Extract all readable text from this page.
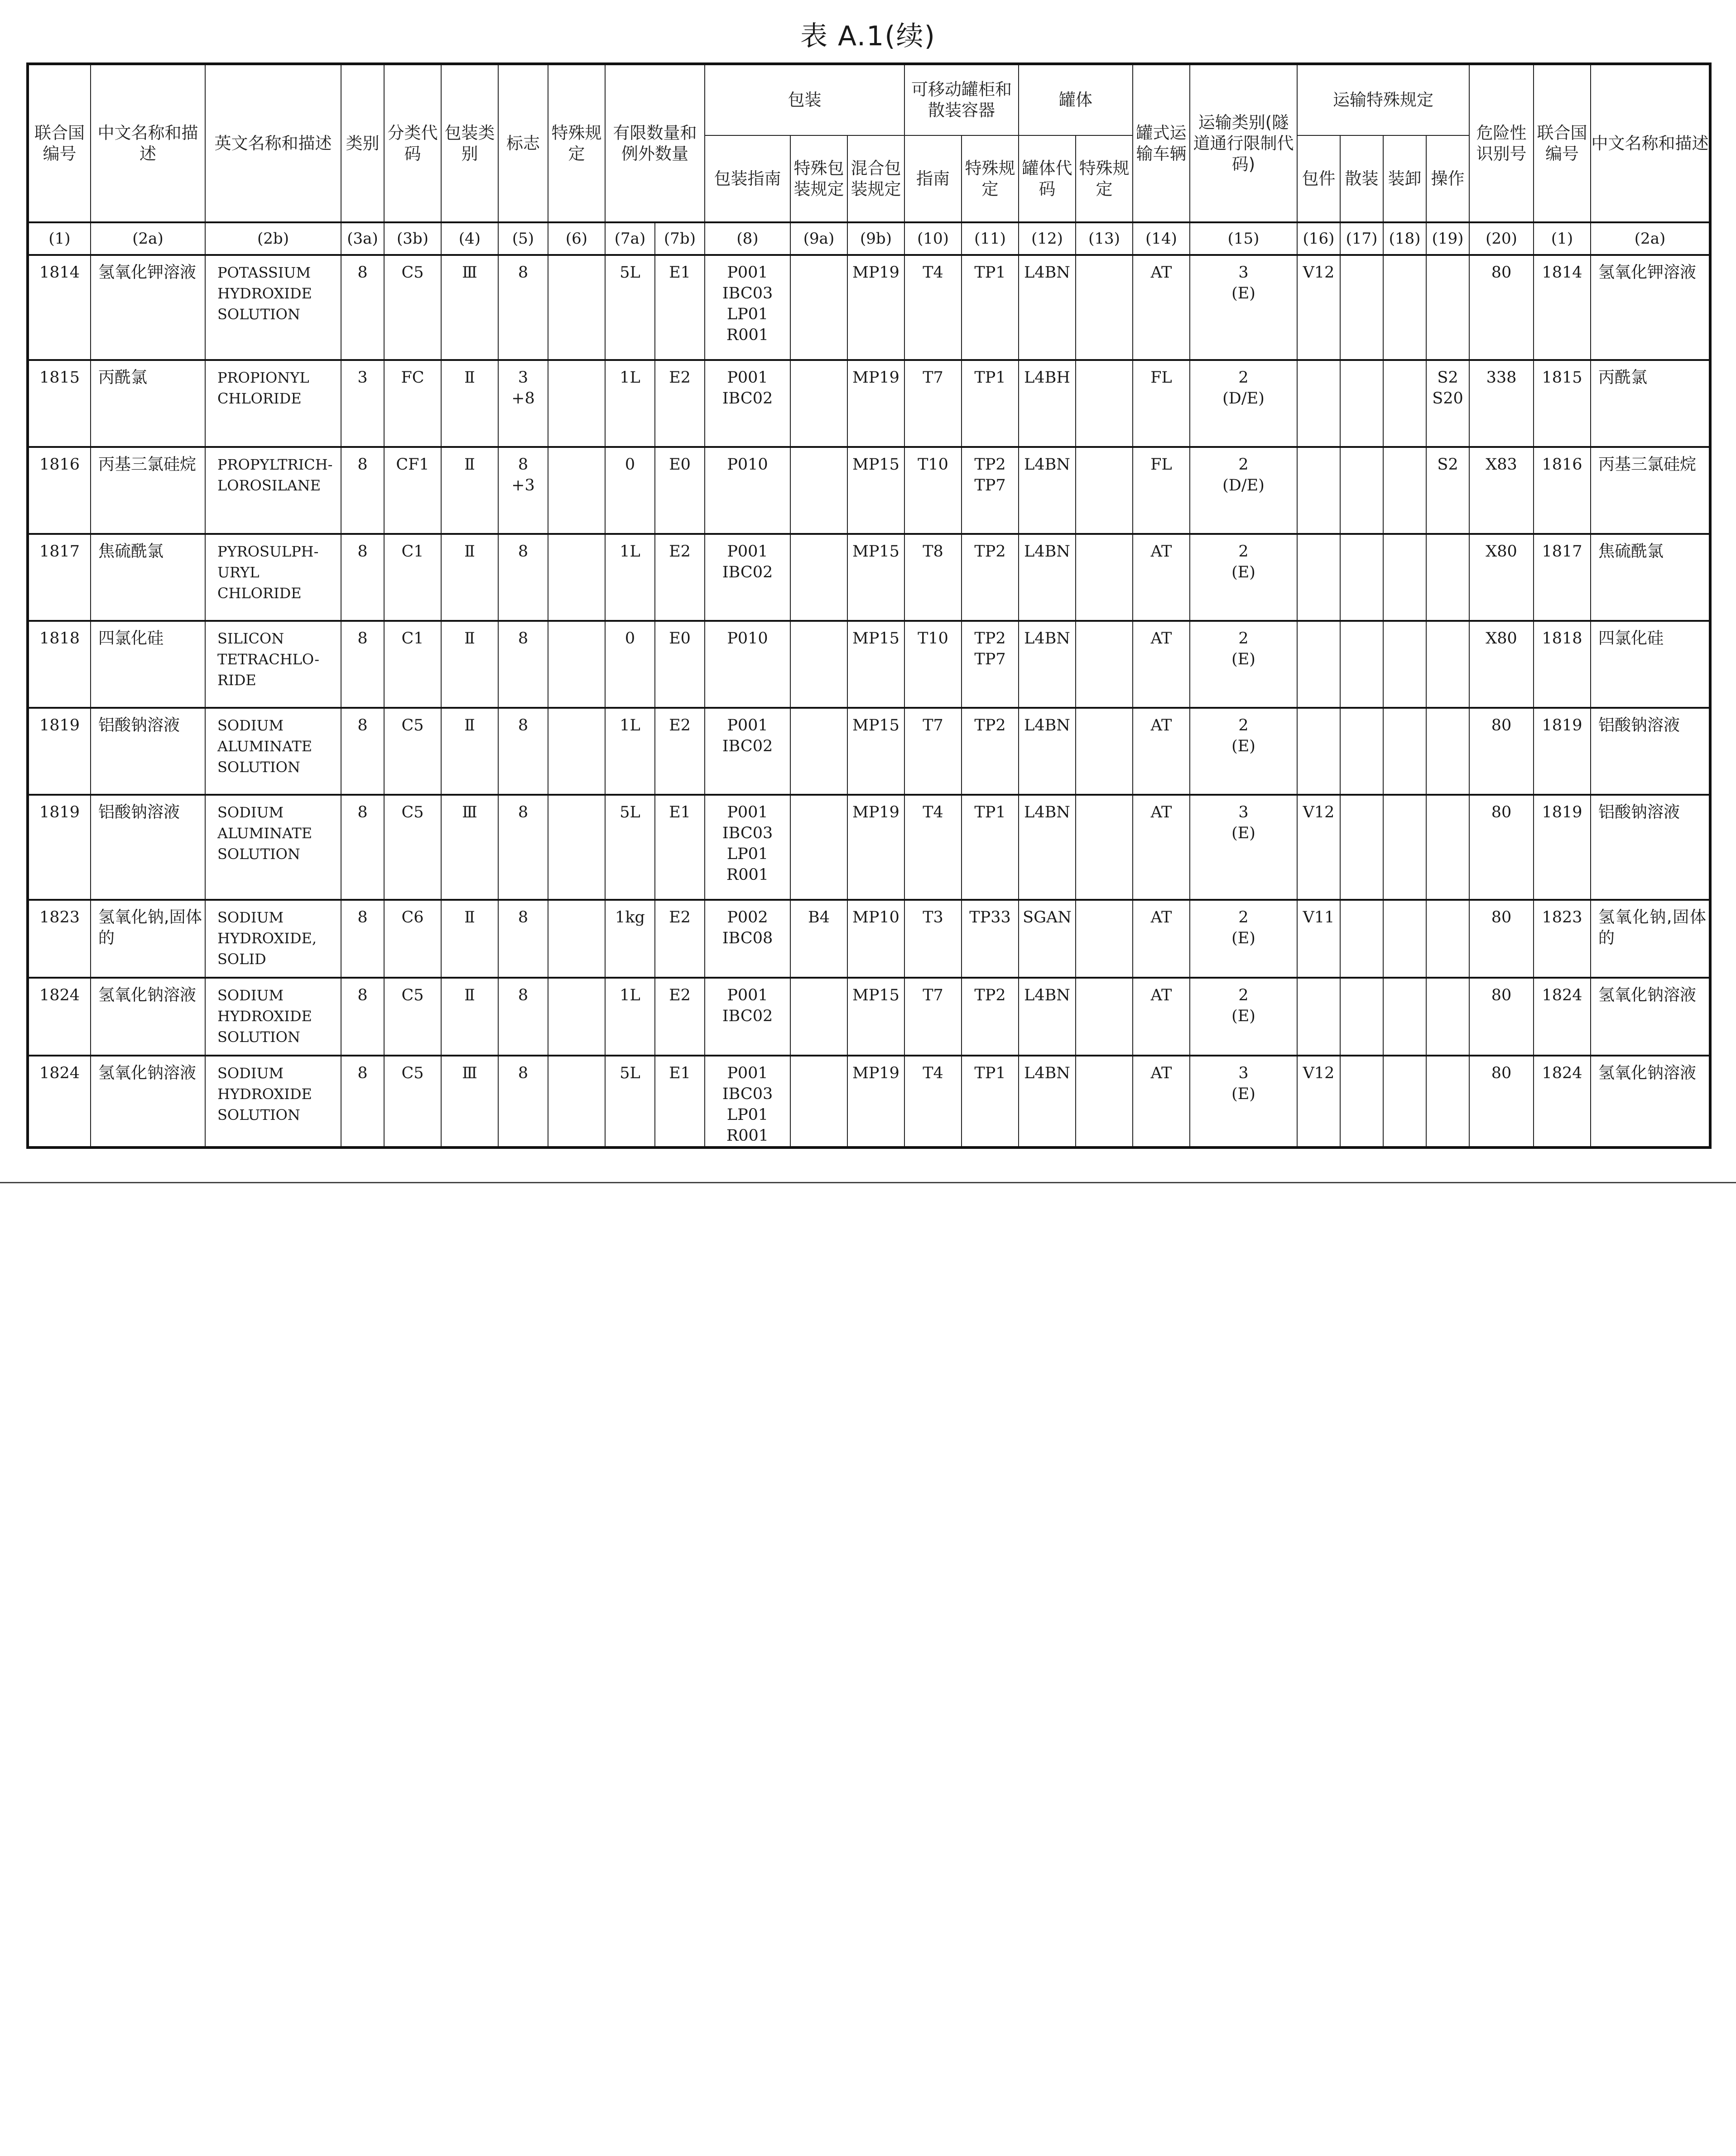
表 A.1(续)
联合国编号	中文名称和描述	英文名称和描述	类别	分类代码	包装类别	标志	特殊规定	有限数量和例外数量		包装			可移动罐柜和散装容器		罐体		罐式运输车辆	运输类别(隧道通行限制代码)	运输特殊规定				危险性识别号	联合国编号	中文名称和描述
										包装指南	特殊包装规定	混合包装规定	指南	特殊规定	罐体代码	特殊规定			包件	散装	装卸	操作			
(1)	(2a)	(2b)	(3a)	(3b)	(4)	(5)	(6)	(7a)	(7b)	(8)	(9a)	(9b)	(10)	(11)	(12)	(13)	(14)	(15)	(16)	(17)	(18)	(19)	(20)	(1)	(2a)
1814	氢氧化钾溶液	POTASSIUM
HYDROXIDE
SOLUTION	8	C5	Ⅲ	8		5L	E1	P001
IBC03
LP01
R001		MP19	T4	TP1	L4BN		AT	3
(E)	V12				80	1814	氢氧化钾溶液
1815	丙酰氯	PROPIONYL
CHLORIDE	3	FC	Ⅱ	3
+8		1L	E2	P001
IBC02		MP19	T7	TP1	L4BH		FL	2
(D/E)				S2
S20	338	1815	丙酰氯
1816	丙基三氯硅烷	PROPYLTRICH-
LOROSILANE	8	CF1	Ⅱ	8
+3		0	E0	P010		MP15	T10	TP2
TP7	L4BN		FL	2
(D/E)				S2	X83	1816	丙基三氯硅烷
1817	焦硫酰氯	PYROSULPH-
URYL
CHLORIDE	8	C1	Ⅱ	8		1L	E2	P001
IBC02		MP15	T8	TP2	L4BN		AT	2
(E)					X80	1817	焦硫酰氯
1818	四氯化硅	SILICON
TETRACHLO-
RIDE	8	C1	Ⅱ	8		0	E0	P010		MP15	T10	TP2
TP7	L4BN		AT	2
(E)					X80	1818	四氯化硅
1819	铝酸钠溶液	SODIUM
ALUMINATE
SOLUTION	8	C5	Ⅱ	8		1L	E2	P001
IBC02		MP15	T7	TP2	L4BN		AT	2
(E)					80	1819	铝酸钠溶液
1819	铝酸钠溶液	SODIUM
ALUMINATE
SOLUTION	8	C5	Ⅲ	8		5L	E1	P001
IBC03
LP01
R001		MP19	T4	TP1	L4BN		AT	3
(E)	V12				80	1819	铝酸钠溶液
1823	氢氧化钠,固体的	SODIUM
HYDROXIDE,
SOLID	8	C6	Ⅱ	8		1kg	E2	P002
IBC08	B4	MP10	T3	TP33	SGAN		AT	2
(E)	V11				80	1823	氢氧化钠,固体的
1824	氢氧化钠溶液	SODIUM
HYDROXIDE
SOLUTION	8	C5	Ⅱ	8		1L	E2	P001
IBC02		MP15	T7	TP2	L4BN		AT	2
(E)					80	1824	氢氧化钠溶液
1824	氢氧化钠溶液	SODIUM
HYDROXIDE
SOLUTION	8	C5	Ⅲ	8		5L	E1	P001
IBC03
LP01
R001		MP19	T4	TP1	L4BN		AT	3
(E)	V12				80	1824	氢氧化钠溶液
